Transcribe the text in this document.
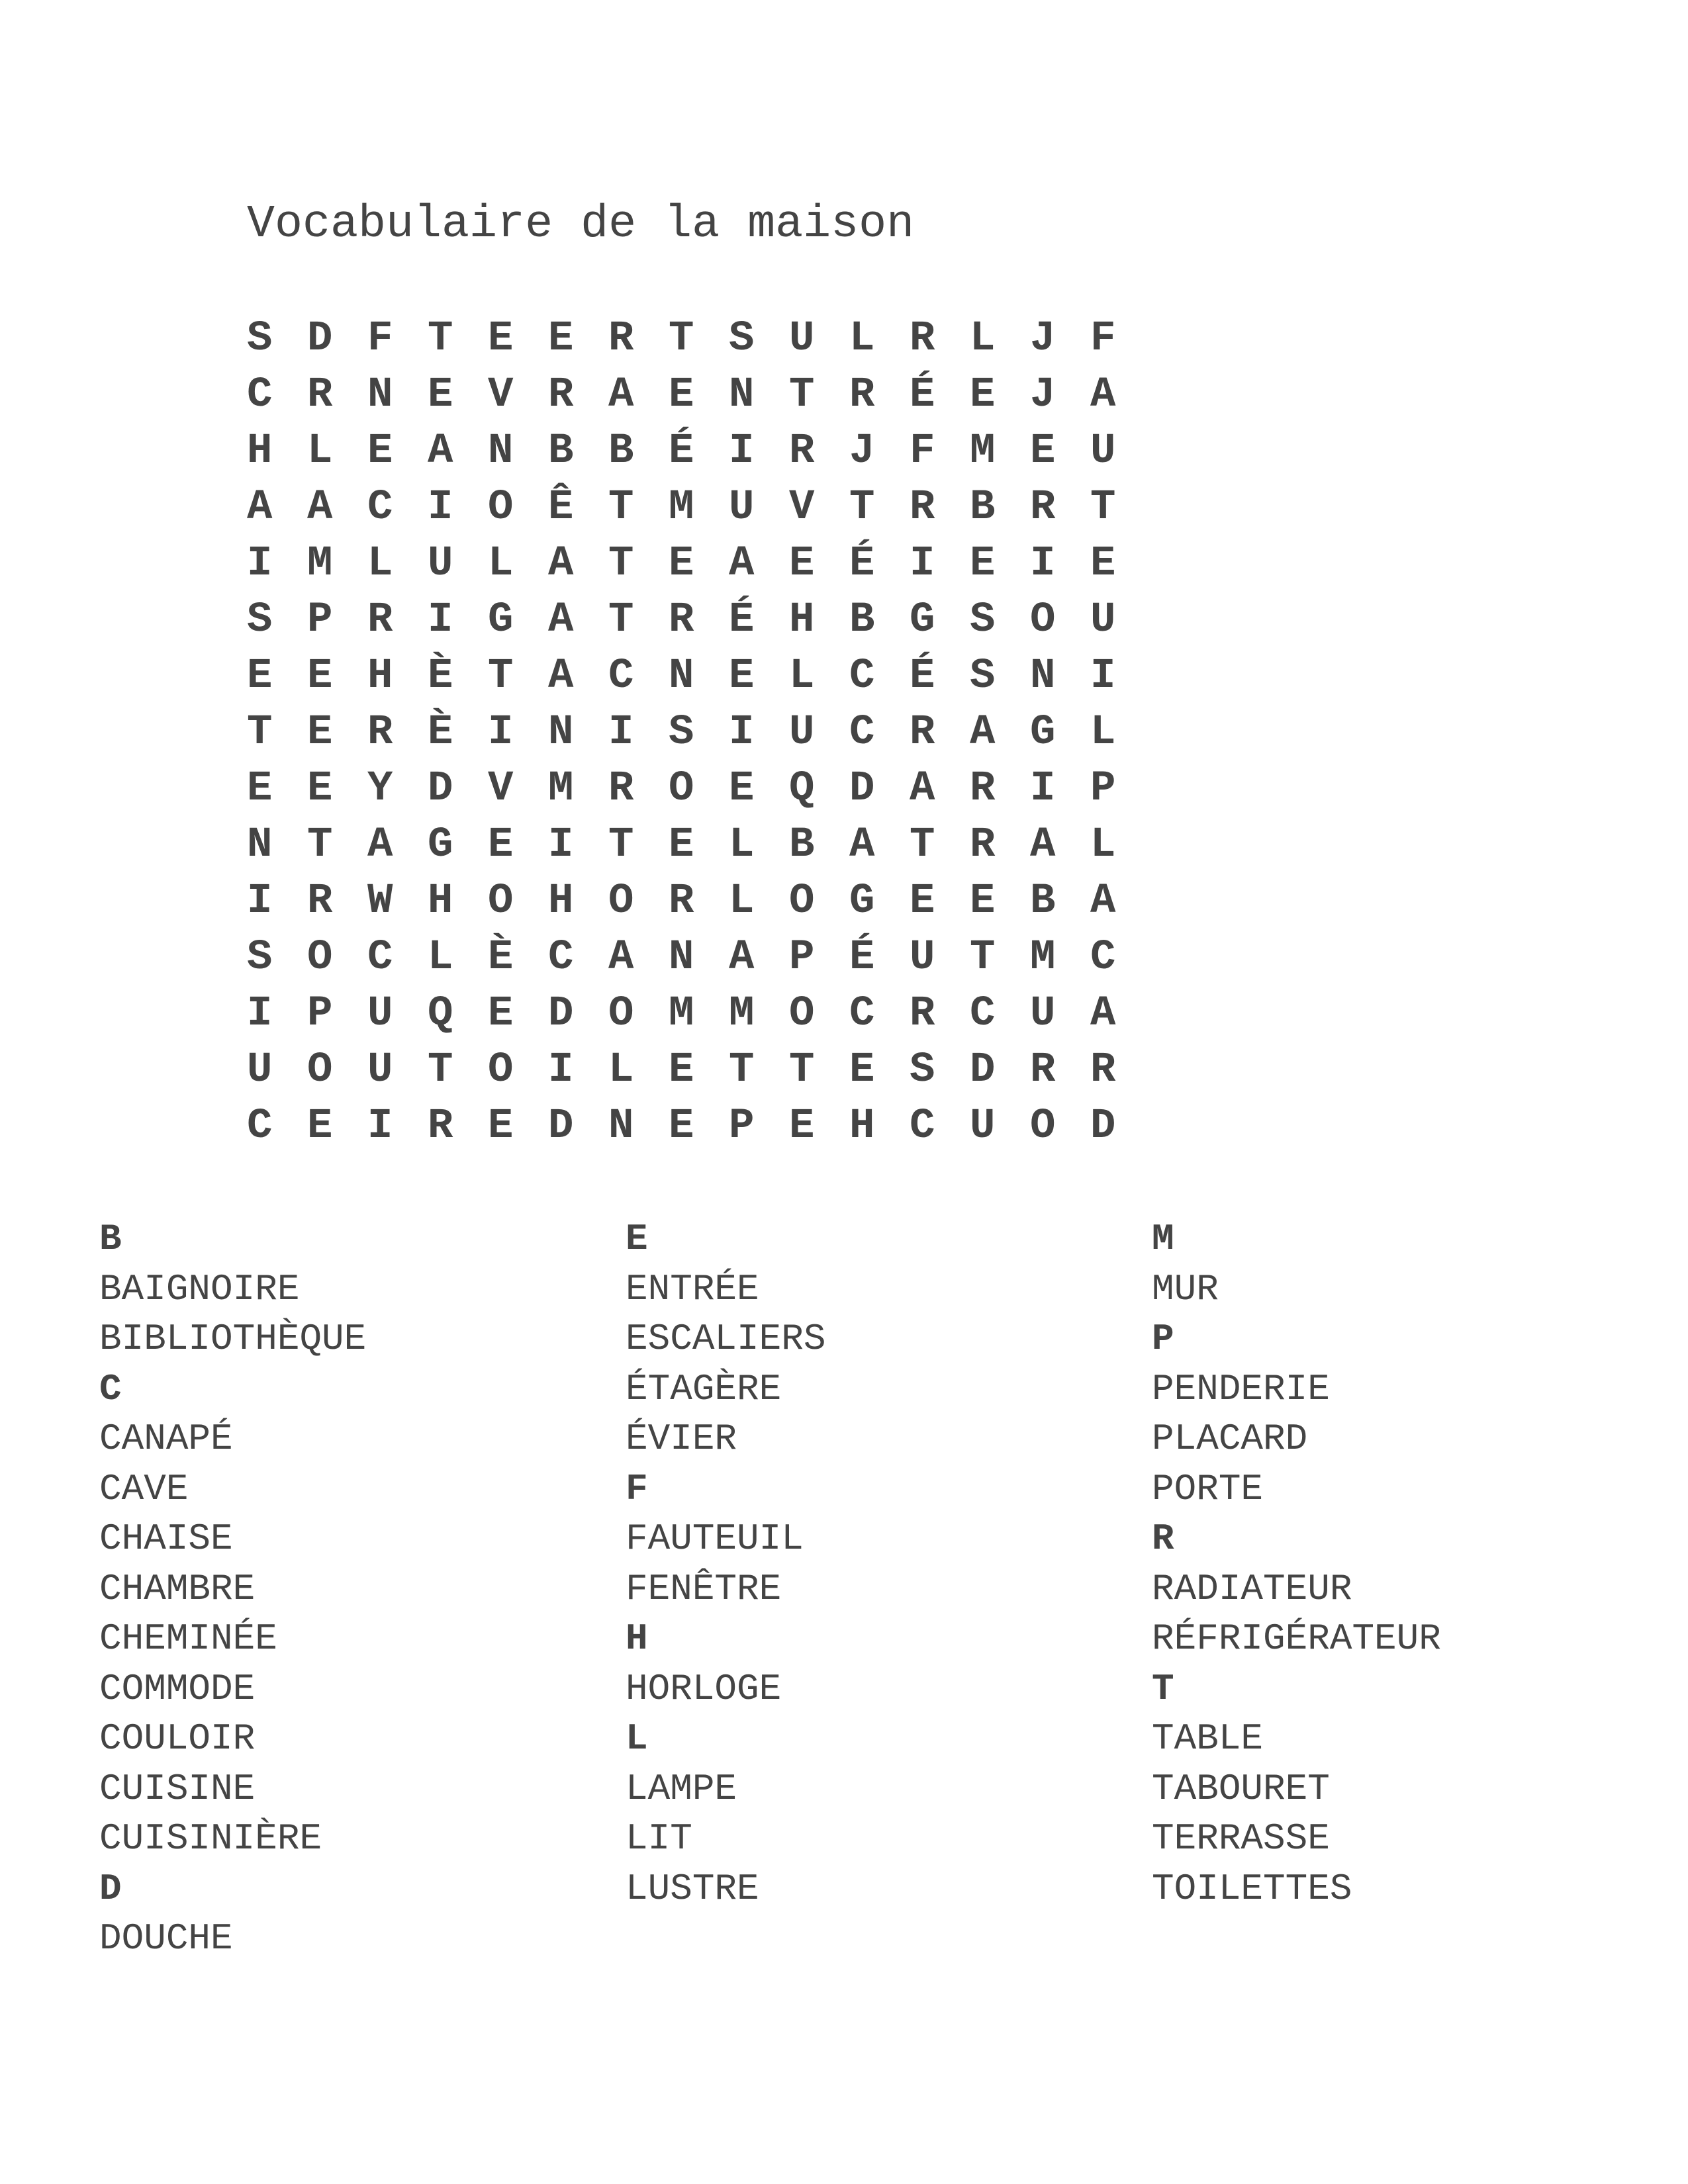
Vocabulaire de la maison
S D F T E E R T S U L R L J F
C R N E V R A E N T R É E J A
H L E A N B B É I R J F M E U
A A C I O Ê T M U V T R B R T
I M L U L A T E A E É I E I E
S P R I G A T R É H B G S O U
E E H È T A C N E L C É S N I
T E R È I N I S I U C R A G L
E E Y D V M R O E Q D A R I P
N T A G E I T E L B A T R A L
I R W H O H O R L O G E E B A
S O C L È C A N A P É U T M C
I P U Q E D O M M O C R C U A
U O U T O I L E T T E S D R R
C E I R E D N E P E H C U O D
B
BAIGNOIRE
BIBLIOTHÈQUE
C
CANAPÉ
CAVE
CHAISE
CHAMBRE
CHEMINÉE
COMMODE
COULOIR
CUISINE
CUISINIÈRE
D
DOUCHE
E
ENTRÉE
ESCALIERS
ÉTAGÈRE
ÉVIER
F
FAUTEUIL
FENÊTRE
H
HORLOGE
L
LAMPE
LIT
LUSTRE
M
MUR
P
PENDERIE
PLACARD
PORTE
R
RADIATEUR
RÉFRIGÉRATEUR
T
TABLE
TABOURET
TERRASSE
TOILETTES
